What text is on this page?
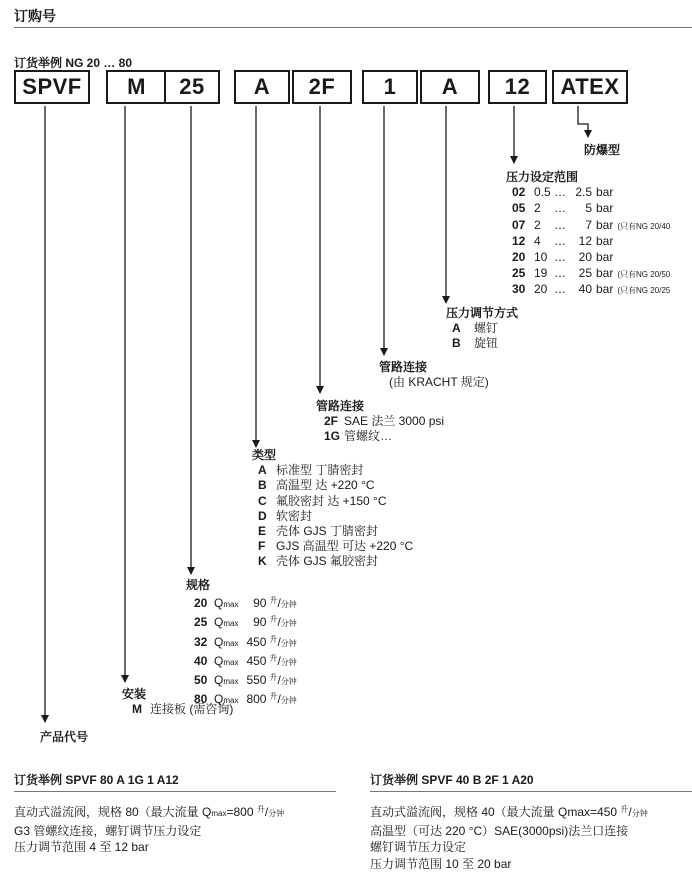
订购号
订货举例 NG 20 … 80
SPVF	M	25	A	2F	1	A	12	ATEX
防爆型
压力设定范围
02 0.5 … 2.5 bar
05 2 … 5 bar
07 2 … 7 bar (只有NG 20/40
12 4 … 12 bar
20 10 … 20 bar
25 19 … 25 bar (只有NG 20/50
30 20 … 40 bar (只有NG 20/25
压力调节方式
A 螺钉
B 旋钮
管路连接
(由 KRACHT 规定)
管路连接
2F SAE 法兰 3000 psi
1G 管螺纹…
类型
A 标准型 丁腈密封
B 高温型 达 +220 °C
C 氟胶密封 达 +150 °C
D 软密封
E 壳体 GJS 丁腈密封
F GJS 高温型 可达 +220 °C
K 壳体 GJS 氟胶密封
规格
20 Qmax 90 $^升$/分钟
25 Qmax 90 $^升$/分钟
32 Qmax 450 $^升$/分钟
40 Qmax 450 $^升$/分钟
50 Qmax 550 $^升$/分钟
80 Qmax 800 $^升$/分钟
安装
M 连接板 (需咨询)
产品代号
订货举例 SPVF 80 A 1G 1 A12
直动式溢流阀，规格 80（最大流量 Qmax=800 $^升$/分钟
G3 管螺纹连接，螺钉调节压力设定
压力调节范围 4 至 12 bar
订货举例 SPVF 40 B 2F 1 A20
直动式溢流阀，规格 40（最大流量 Qmax=450 $^升$/分钟
高温型（可达 220 °C）SAE(3000psi)法兰口连接
螺钉调节压力设定
压力调节范围 10 至 20 bar
